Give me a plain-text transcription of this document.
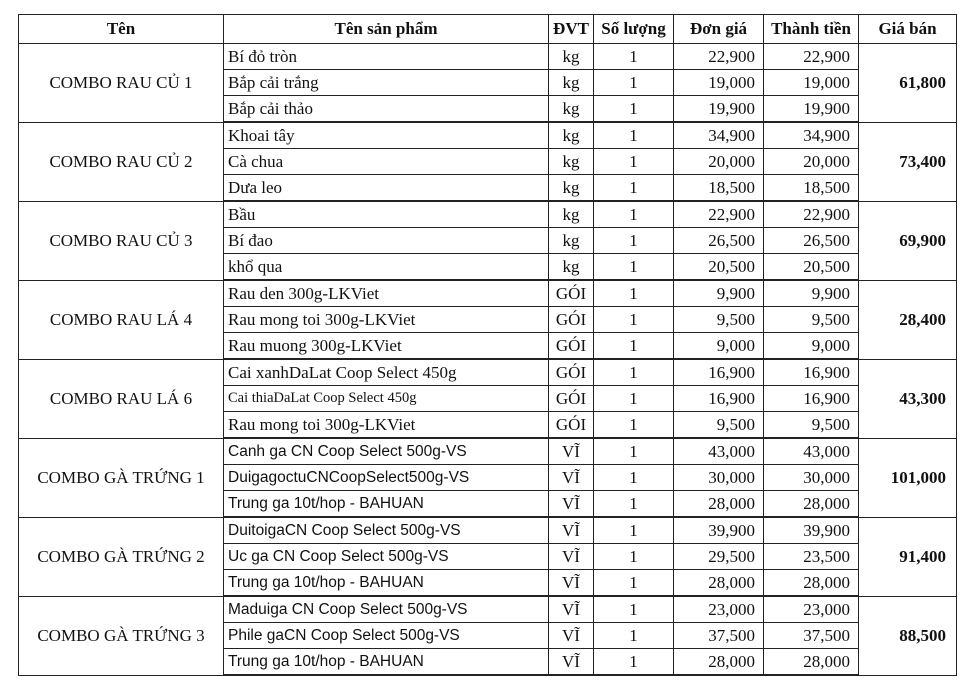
Tên	Tên sản phẩm	ĐVT	Số lượng	Đơn giá	Thành tiền	Giá bán
COMBO RAU CỦ 1	Bí đỏ tròn	kg	1	22,900	22,900	61,800
	Bắp cải trắng	kg	1	19,000	19,000	
	Bắp cải thảo	kg	1	19,900	19,900	
COMBO RAU CỦ 2	Khoai tây	kg	1	34,900	34,900	73,400
	Cà chua	kg	1	20,000	20,000	
	Dưa leo	kg	1	18,500	18,500	
COMBO RAU CỦ 3	Bầu	kg	1	22,900	22,900	69,900
	Bí đao	kg	1	26,500	26,500	
	khổ qua	kg	1	20,500	20,500	
COMBO RAU LÁ 4	Rau den 300g-LKViet	GÓI	1	9,900	9,900	28,400
	Rau mong toi 300g-LKViet	GÓI	1	9,500	9,500	
	Rau muong 300g-LKViet	GÓI	1	9,000	9,000	
COMBO RAU LÁ 6	Cai xanhDaLat Coop Select 450g	GÓI	1	16,900	16,900	43,300
	Cai thiaDaLat Coop Select 450g	GÓI	1	16,900	16,900	
	Rau mong toi 300g-LKViet	GÓI	1	9,500	9,500	
COMBO GÀ TRỨNG 1	Canh ga CN Coop Select 500g-VS	VĨ	1	43,000	43,000	101,000
	DuigagoctuCNCoopSelect500g-VS	VĨ	1	30,000	30,000	
	Trung ga 10t/hop - BAHUAN	VĨ	1	28,000	28,000	
COMBO GÀ TRỨNG 2	DuitoigaCN Coop Select 500g-VS	VĨ	1	39,900	39,900	91,400
	Uc ga CN Coop Select 500g-VS	VĨ	1	29,500	23,500	
	Trung ga 10t/hop - BAHUAN	VĨ	1	28,000	28,000	
COMBO GÀ TRỨNG 3	Maduiga CN Coop Select 500g-VS	VĨ	1	23,000	23,000	88,500
	Phile gaCN Coop Select 500g-VS	VĨ	1	37,500	37,500	
	Trung ga 10t/hop - BAHUAN	VĨ	1	28,000	28,000	
